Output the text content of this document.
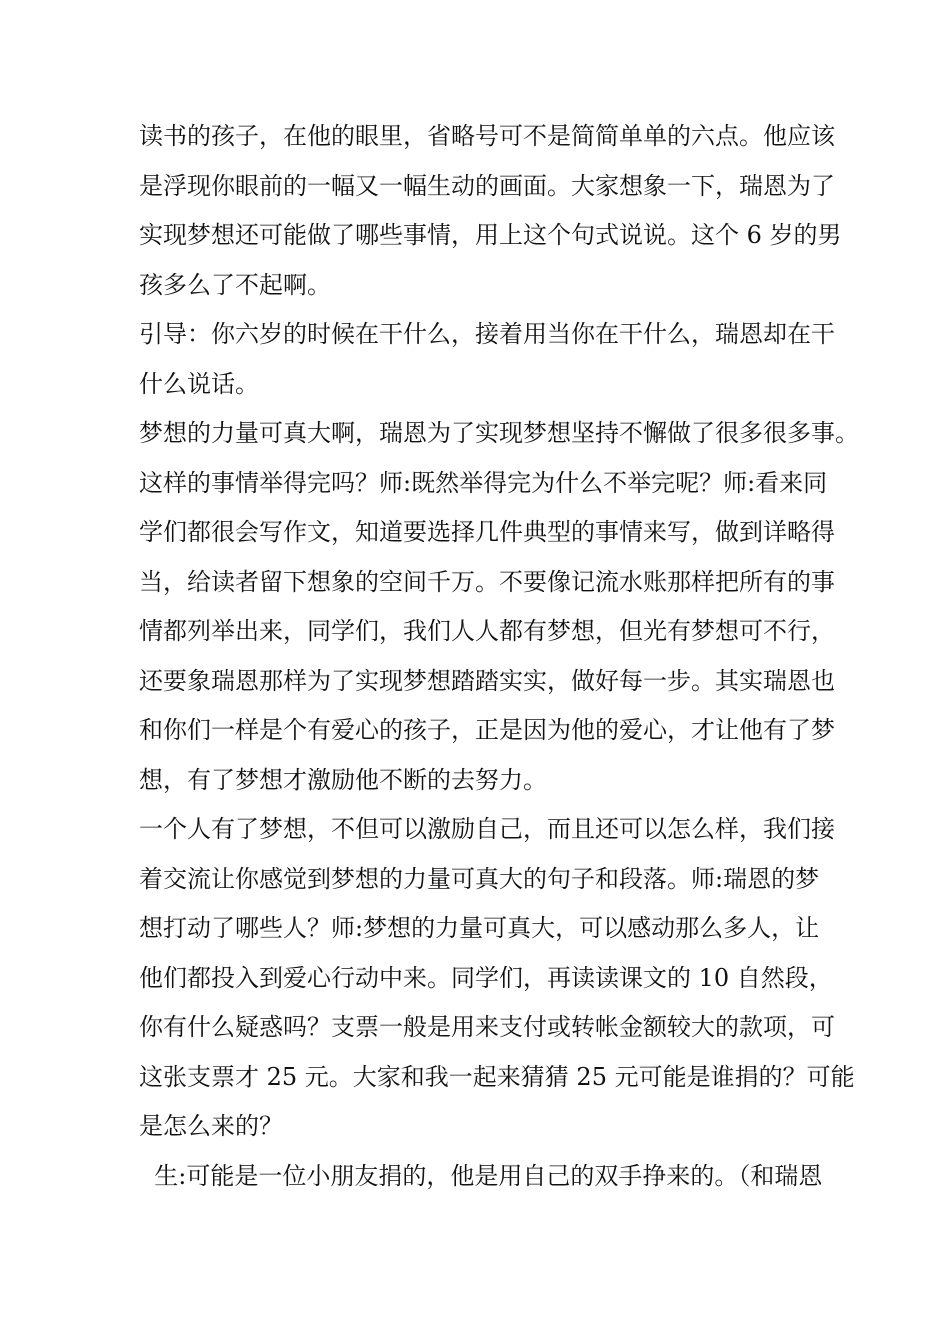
读书的孩子，在他的眼里，省略号可不是简简单单的六点。他应该
是浮现你眼前的一幅又一幅生动的画面。大家想象一下，瑞恩为了
实现梦想还可能做了哪些事情，用上这个句式说说。这个 6 岁的男
孩多么了不起啊。
引导：你六岁的时候在干什么，接着用当你在干什么，瑞恩却在干
什么说话。
梦想的力量可真大啊，瑞恩为了实现梦想坚持不懈做了很多很多事。
这样的事情举得完吗？师:既然举得完为什么不举完呢？师:看来同
学们都很会写作文，知道要选择几件典型的事情来写，做到详略得
当，给读者留下想象的空间千万。不要像记流水账那样把所有的事
情都列举出来，同学们，我们人人都有梦想，但光有梦想可不行，
还要象瑞恩那样为了实现梦想踏踏实实，做好每一步。其实瑞恩也
和你们一样是个有爱心的孩子，正是因为他的爱心，才让他有了梦
想，有了梦想才激励他不断的去努力。
一个人有了梦想，不但可以激励自己，而且还可以怎么样，我们接
着交流让你感觉到梦想的力量可真大的句子和段落。师:瑞恩的梦
想打动了哪些人？师:梦想的力量可真大，可以感动那么多人，让
他们都投入到爱心行动中来。同学们，再读读课文的 10 自然段，
你有什么疑惑吗？支票一般是用来支付或转帐金额较大的款项，可
这张支票才 25 元。大家和我一起来猜猜 25 元可能是谁捐的？可能
是怎么来的？
生:可能是一位小朋友捐的，他是用自己的双手挣来的。（和瑞恩
